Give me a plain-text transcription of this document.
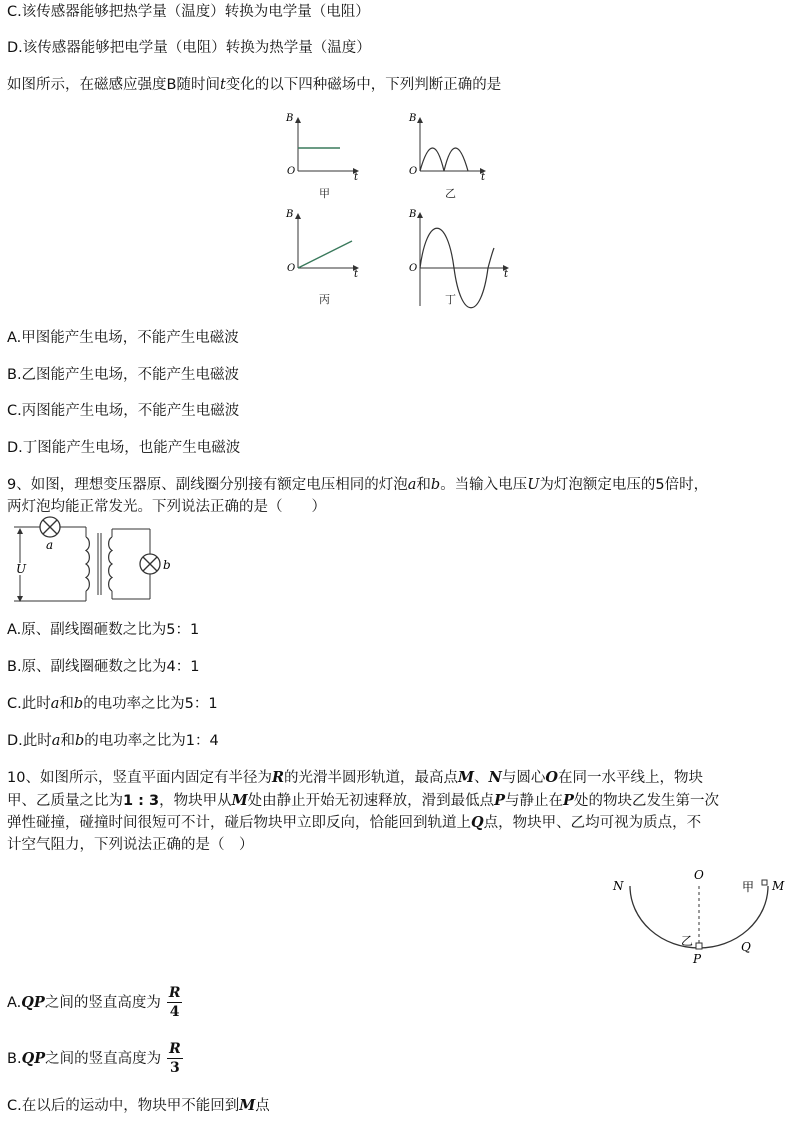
C.该传感器能够把热学量（温度）转换为电学量（电阻）
D.该传感器能够把电学量（电阻）转换为热学量（温度）
如图所示，在磁感应强度B随时间t变化的以下四种磁场中，下列判断正确的是
B
O
t
甲
B
O
t
乙
B
O
t
丙
B
O
t
丁
A.甲图能产生电场，不能产生电磁波
B.乙图能产生电场，不能产生电磁波
C.丙图能产生电场，不能产生电磁波
D.丁图能产生电场，也能产生电磁波
9、如图，理想变压器原、副线圈分别接有额定电压相同的灯泡a和b。当输入电压U为灯泡额定电压的5倍时，
两灯泡均能正常发光。下列说法正确的是（　　）
U
a
b
A.原、副线圈砸数之比为5：1
B.原、副线圈砸数之比为4：1
C.此时a和b的电功率之比为5：1
D.此时a和b的电功率之比为1：4
10、如图所示，竖直平面内固定有半径为R的光滑半圆形轨道，最高点M、N与圆心O在同一水平线上，物块
甲、乙质量之比为1 : 3，物块甲从M处由静止开始无初速释放，滑到最低点P与静止在P处的物块乙发生第一次
弹性碰撞，碰撞时间很短可不计，碰后物块甲立即反向，恰能回到轨道上Q点，物块甲、乙均可视为质点，不
计空气阻力，下列说法正确的是（　）
N
O
甲 M
乙
P
Q
A.QP之间的竖直高度为 $\frac{R}{4}$
B.QP之间的竖直高度为 $\frac{R}{3}$
C.在以后的运动中，物块甲不能回到M点
